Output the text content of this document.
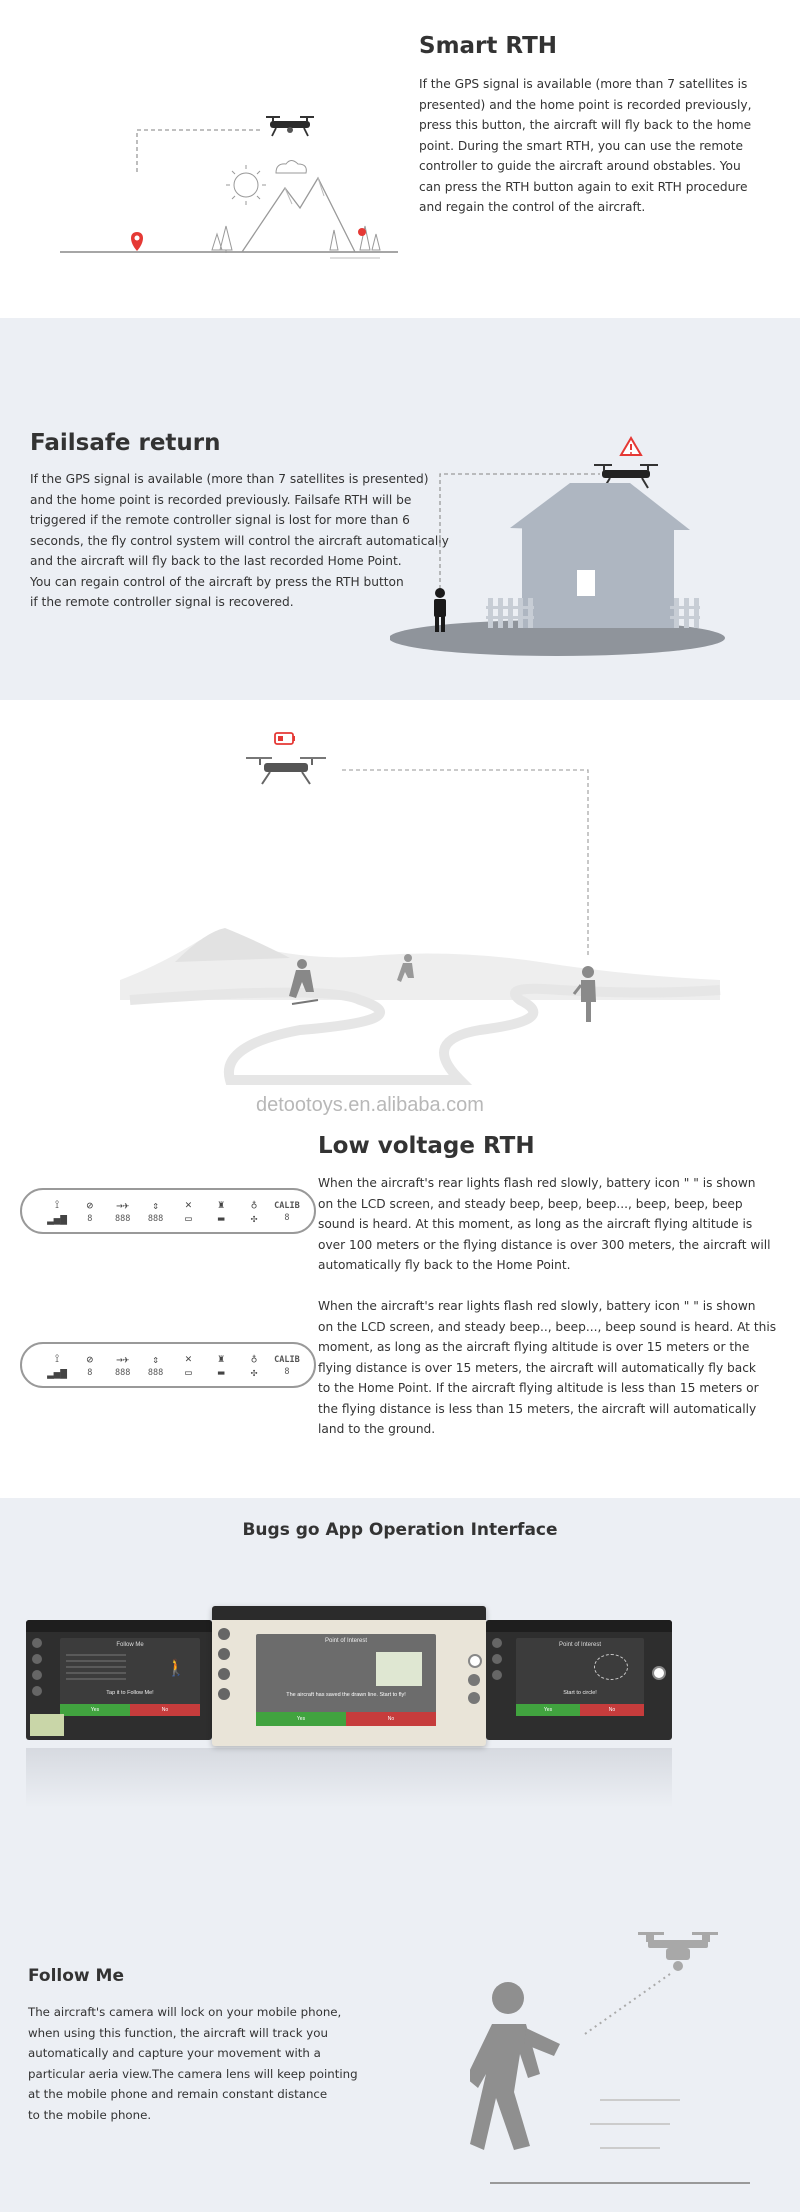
Smart RTH
If the GPS signal is available (more than 7 satellites is
presented) and the home point is recorded previously,
press this button, the aircraft will fly back to the home
point. During the smart RTH, you can use the remote
controller to guide the aircraft around obstables. You
can press the RTH button again to exit RTH procedure
and regain the control of the aircraft.
Failsafe return
If the GPS signal is available (more than 7 satellites is presented)
and the home point is recorded previously. Failsafe RTH will be
triggered if the remote controller signal is lost for more than 6
seconds, the fly control system will control the aircraft automatically
and the aircraft will fly back to the last recorded Home Point.
You can regain control of the aircraft by press the RTH button
if the remote controller signal is recovered.
detootoys.en.alibaba.com
Low voltage RTH
When the aircraft's rear lights flash red slowly, battery icon " " is shown
on the LCD screen, and steady beep, beep, beep..., beep, beep, beep
sound is heard. At this moment, as long as the aircraft flying altitude is
over 100 meters or the flying distance is over 300 meters, the aircraft will
automatically fly back to the Home Point.
When the aircraft's rear lights flash red slowly, battery icon " " is shown
on the LCD screen, and steady beep.., beep..., beep sound is heard. At this
moment, as long as the aircraft flying altitude is over 15 meters or the
flying distance is over 15 meters, the aircraft will automatically fly back
to the Home Point. If the aircraft flying altitude is less than 15 meters or
the flying distance is less than 15 meters, the aircraft will automatically
land to the ground.
⟟
▂▄▆
⊘
8
→✈
888
⇕
888
✕
▭
♜
▬
♁
✣
CALIB
8
⟟
▂▄▆
⊘
8
→✈
888
⇕
888
✕
▭
♜
▬
♁
✣
CALIB
8
Bugs go App Operation Interface
Follow Me
🚶
Tap it to Follow Me!
Yes	No
Point of Interest
The aircraft has saved the drawn line. Start to fly!
Yes	No
Point of Interest
Start to circle!
Yes	No
Follow Me
The aircraft's camera will lock on your mobile phone,
when using this function, the aircraft will track you
automatically and capture your movement with a
particular aeria view.The camera lens will keep pointing
at the mobile phone and remain constant distance
to the mobile phone.
